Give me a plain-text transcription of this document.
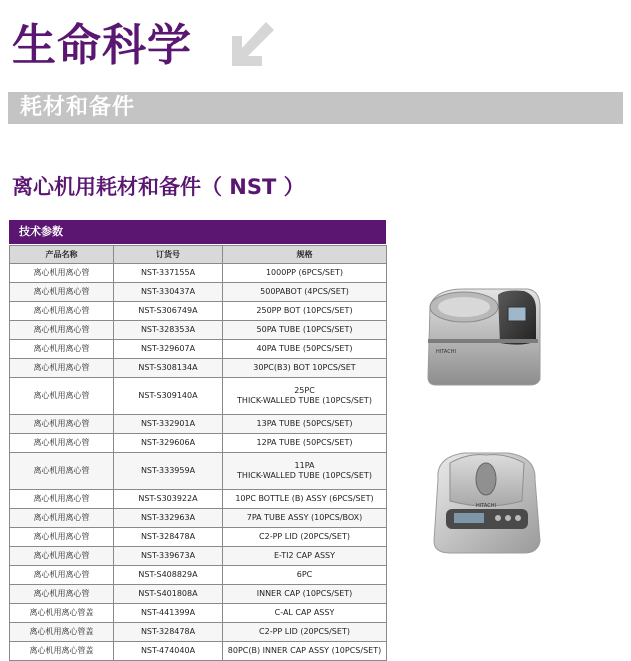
生命科学
耗材和备件
离心机用耗材和备件（ NST ）
技术参数
产品名称	订货号	规格
离心机用离心管	NST-337155A	1000PP (6PCS/SET)
离心机用离心管	NST-330437A	500PABOT (4PCS/SET)
离心机用离心管	NST-S306749A	250PP BOT (10PCS/SET)
离心机用离心管	NST-328353A	50PA TUBE (10PCS/SET)
离心机用离心管	NST-329607A	40PA TUBE (50PCS/SET)
离心机用离心管	NST-S308134A	30PC(B3) BOT 10PCS/SET
离心机用离心管	NST-S309140A	25PC
THICK-WALLED TUBE (10PCS/SET)

离心机用离心管	NST-332901A	13PA TUBE (50PCS/SET)
离心机用离心管	NST-329606A	12PA TUBE (50PCS/SET)
离心机用离心管	NST-333959A	11PA
THICK-WALLED TUBE (10PCS/SET)

离心机用离心管	NST-S303922A	10PC BOTTLE (B) ASSY (6PCS/SET)
离心机用离心管	NST-332963A	7PA TUBE ASSY (10PCS/BOX)
离心机用离心管	NST-328478A	C2-PP LID (20PCS/SET)
离心机用离心管	NST-339673A	E-TI2 CAP ASSY
离心机用离心管	NST-S408829A	6PC
离心机用离心管	NST-S401808A	INNER CAP (10PCS/SET)
离心机用离心管盖	NST-441399A	C-AL CAP ASSY
离心机用离心管盖	NST-328478A	C2-PP LID (20PCS/SET)
离心机用离心管盖	NST-474040A	80PC(B) INNER CAP ASSY (10PCS/SET)
HITACHI
HITACHI
